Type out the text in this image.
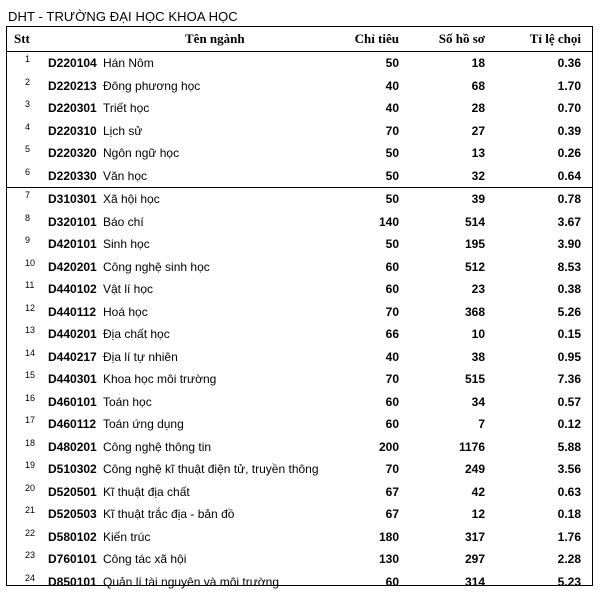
DHT - TRƯỜNG ĐẠI HỌC KHOA HỌC
Stt	Tên ngành	Chỉ tiêu	Số hồ sơ	Tỉ lệ chọi
1 D220104 Hán Nôm	50	18	0.36
2 D220213 Đông phương học	40	68	1.70
3 D220301 Triết học	40	28	0.70
4 D220310 Lịch sử	70	27	0.39
5 D220320 Ngôn ngữ học	50	13	0.26
6 D220330 Văn học	50	32	0.64
7 D310301 Xã hội học	50	39	0.78
8 D320101 Báo chí	140	514	3.67
9 D420101 Sinh học	50	195	3.90
10 D420201 Công nghệ sinh học	60	512	8.53
11 D440102 Vật lí học	60	23	0.38
12 D440112 Hoá học	70	368	5.26
13 D440201 Địa chất học	66	10	0.15
14 D440217 Địa lí tự nhiên	40	38	0.95
15 D440301 Khoa học môi trường	70	515	7.36
16 D460101 Toán học	60	34	0.57
17 D460112 Toán ứng dụng	60	7	0.12
18 D480201 Công nghệ thông tin	200	1176	5.88
19 D510302 Công nghệ kĩ thuật điện tử, truyền thông	70	249	3.56
20 D520501 Kĩ thuật địa chất	67	42	0.63
21 D520503 Kĩ thuật trắc địa - bản đồ	67	12	0.18
22 D580102 Kiến trúc	180	317	1.76
23 D760101 Công tác xã hội	130	297	2.28
24 D850101 Quản lí tài nguyên và môi trường	60	314	5.23
